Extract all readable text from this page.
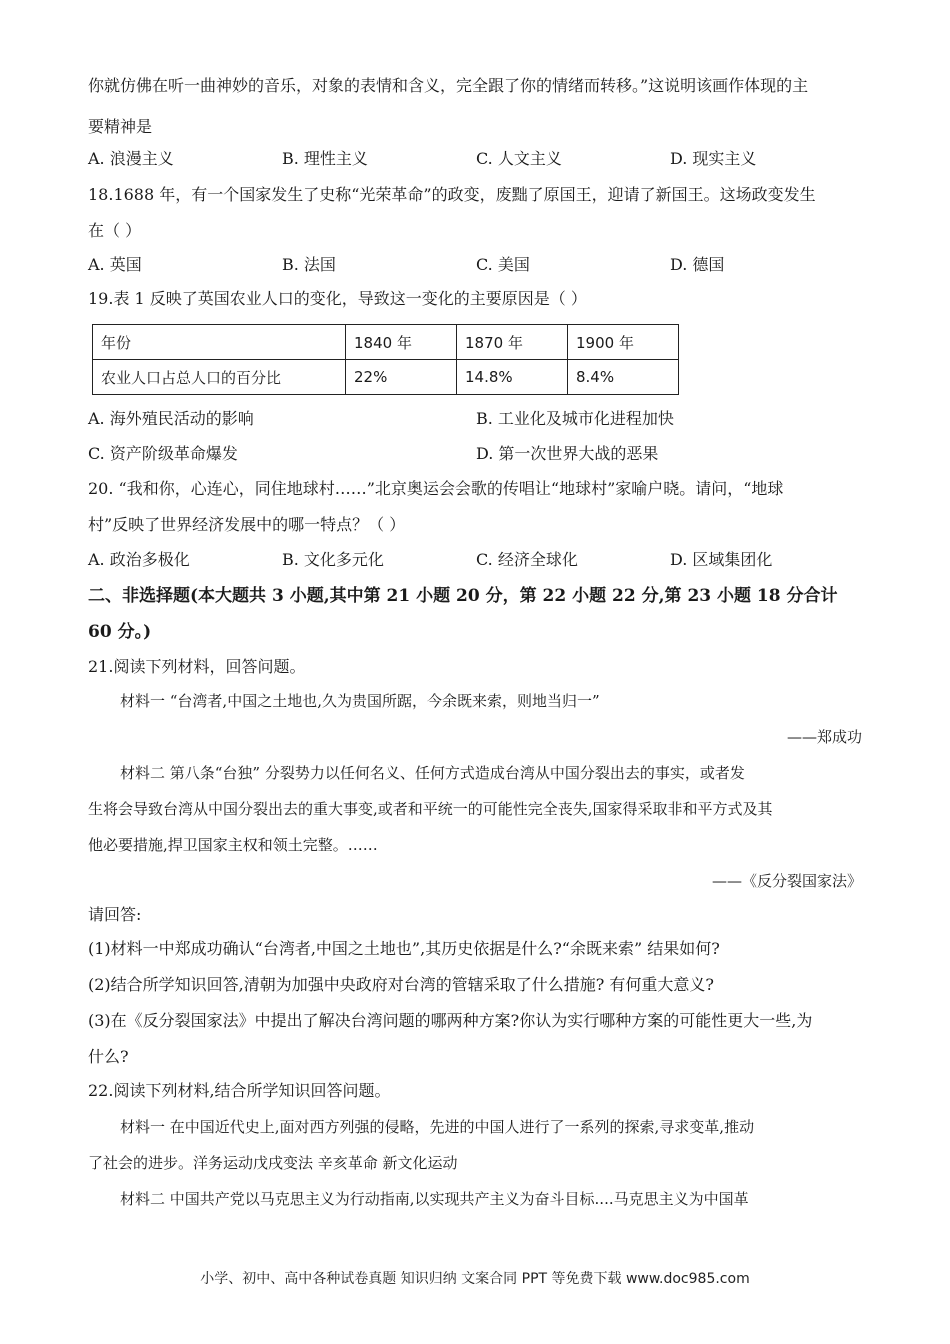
你就仿佛在听一曲神妙的音乐，对象的表情和含义，完全跟了你的情绪而转移。”这说明该画作体现的主
要精神是
A. 浪漫主义	B. 理性主义	C. 人文主义	D. 现实主义
18.1688 年，有一个国家发生了史称“光荣革命”的政变，废黜了原国王，迎请了新国王。这场政变发生
在（ ）
A. 英国	B. 法国	C. 美国	D. 德国
19.表 1 反映了英国农业人口的变化，导致这一变化的主要原因是（ ）
年份	1840 年	1870 年	1900 年
农业人口占总人口的百分比	22%	14.8%	8.4%
A. 海外殖民活动的影响	B. 工业化及城市化进程加快
C. 资产阶级革命爆发	D. 第一次世界大战的恶果
20. “我和你，心连心，同住地球村……”北京奥运会会歌的传唱让“地球村”家喻户晓。请问，“地球
村”反映了世界经济发展中的哪一特点？（ ）
A. 政治多极化	B. 文化多元化	C. 经济全球化	D. 区域集团化
二、非选择题(本大题共 3 小题,其中第 21 小题 20 分，第 22 小题 22 分,第 23 小题 18 分合计
60 分。)
21.阅读下列材料，回答问题。
材料一 “台湾者,中国之土地也,久为贵国所踞，今余既来索，则地当归一”
——郑成功
材料二 第八条“台独” 分裂势力以任何名义、任何方式造成台湾从中国分裂出去的事实，或者发
生将会导致台湾从中国分裂出去的重大事变,或者和平统一的可能性完全丧失,国家得采取非和平方式及其
他必要措施,捍卫国家主权和领土完整。……
——《反分裂国家法》
请回答:
(1)材料一中郑成功确认“台湾者,中国之土地也”,其历史依据是什么?“余既来索” 结果如何?
(2)结合所学知识回答,清朝为加强中央政府对台湾的管辖采取了什么措施? 有何重大意义?
(3)在《反分裂国家法》中提出了解决台湾问题的哪两种方案?你认为实行哪种方案的可能性更大一些,为
什么?
22.阅读下列材料,结合所学知识回答问题。
材料一 在中国近代史上,面对西方列强的侵略，先进的中国人进行了一系列的探索,寻求变革,推动
了社会的进步。洋务运动戊戌变法 辛亥革命 新文化运动
材料二 中国共产党以马克思主义为行动指南,以实现共产主义为奋斗目标....马克思主义为中国革
小学、初中、高中各种试卷真题 知识归纳 文案合同 PPT 等免费下载 www.doc985.com
